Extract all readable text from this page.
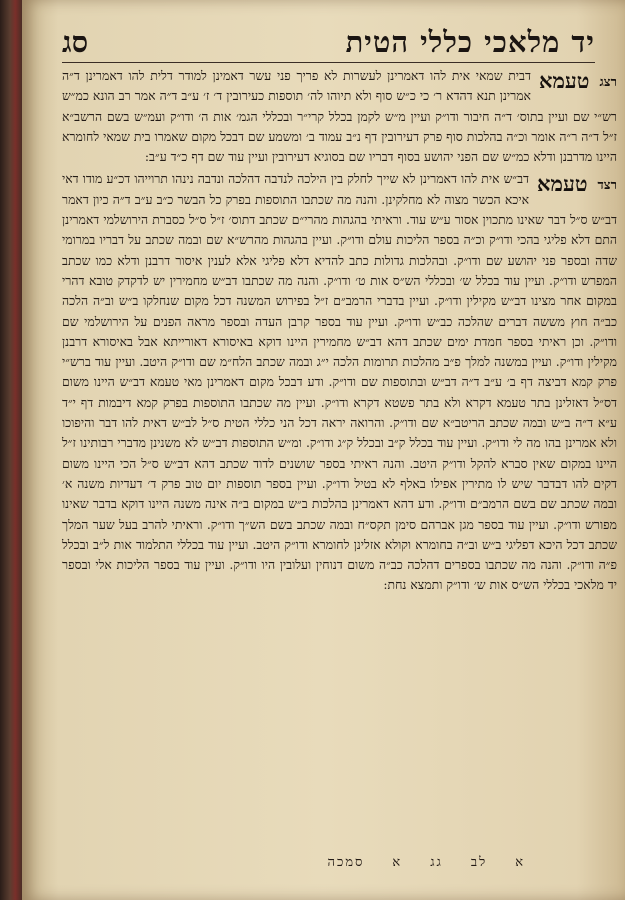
יד מלאכי כללי הטית
סג
רצגטעמא
דבית שמאי אית להו דאמרינן לעשרות לא פריך פני עשר דאמינן למודר דלית להו דאמרינן ד״ה אמרינן תנא דהדא ר׳ כי כ״ש סוף ולא תיוהו לה׳ תוספות כעירובין ד׳ ז׳ ע״ב ד״ה אמר רב הונא כמ״ש רש״י שם ועיין בתוס׳ ד״ה חיבור ודו״ק ועיין מ״ש לקמן בכלל קרי״ר ובכללי הגמ׳ אות ה׳ ודו״ק ועמ״ש בשם הרשב״א ז״ל ד״ה ר״ה אומר וכ״ה בהלכות סוף פרק דעירובין דף נ״ב עמוד ב׳ ומשמע שם דבכל מקום שאמרו בית שמאי לחומרא היינו מדרבנן ודלא כמ״ש שם הפני יהושע בסוף דבריו שם בסוגיא דעירובין ועיין עוד שם דף כ״ד ע״ב:
רצדטעמא
דב״ש אית להו דאמרינן לא שייך לחלק בין הילכה לנדבה דהלכה ונדבה נינהו תרוייהו דכ״ע מודו דאי איכא הכשר מצוה לא מחלקינן. והנה מה שכתבו התוספות בפרק כל הבשר כ״ב ע״ב ד״ה כיון דאמר דב״ש ס״ל דבר שאינו מתכוין אסור ע״ש עוד. וראיתי בהגהות מהרי״ם שכתב דתוס׳ ז״ל ס״ל כסברת הירושלמי דאמרינן התם דלא פליגי בהכי ודו״ק וכ״ה בספר הליכות עולם ודו״ק. ועיין בהגהות מהרש״א שם ובמה שכתב על דבריו במרומי שדה ובספר פני יהושע שם ודו״ק. ובהלכות גדולות כתב להדיא דלא פליגי אלא לענין איסור דרבנן ודלא כמו שכתב המפרש ודו״ק. ועיין עוד בכלל ש׳ ובכללי הש״ס אות ט׳ ודו״ק. והנה מה שכתבו דב״ש מחמירין יש לדקדק טובא דהרי במקום אחר מצינו דב״ש מקילין ודו״ק. ועיין בדברי הרמב״ם ז״ל בפירוש המשנה דכל מקום שנחלקו ב״ש וב״ה הלכה כב״ה חוץ מששה דברים שהלכה כב״ש ודו״ק. ועיין עוד בספר קרבן העדה ובספר מראה הפנים על הירושלמי שם ודו״ק. וכן ראיתי בספר חמדת ימים שכתב דהא דב״ש מחמירין היינו דוקא באיסורא דאורייתא אבל באיסורא דרבנן מקילין ודו״ק. ועיין במשנה למלך פ״ב מהלכות תרומות הלכה י״ג ובמה שכתב הלח״מ שם ודו״ק היטב. ועיין עוד ברש״י פרק קמא דביצה דף ב׳ ע״ב ד״ה דב״ש ובתוספות שם ודו״ק. ודע דבכל מקום דאמרינן מאי טעמא דב״ש היינו משום דס״ל דאזלינן בתר טעמא דקרא ולא בתר פשטא דקרא ודו״ק. ועיין מה שכתבו התוספות בפרק קמא דיבמות דף י״ד ע״א ד״ה ב״ש ובמה שכתב הריטב״א שם ודו״ק. והרואה יראה דכל הני כללי הטית ס״ל לב״ש דאית להו דבר והיפוכו ולא אמרינן בהו מה לי ודו״ק. ועיין עוד בכלל ק״ב ובכלל ק״ג ודו״ק. ומ״ש התוספות דב״ש לא משנינן מדברי רבותינו ז״ל היינו במקום שאין סברא להקל ודו״ק היטב. והנה ראיתי בספר שושנים לדוד שכתב דהא דב״ש ס״ל הכי היינו משום דקים להו דבדבר שיש לו מתירין אפילו באלף לא בטיל ודו״ק. ועיין בספר תוספות יום טוב פרק ד׳ דעדיות משנה א׳ ובמה שכתב שם בשם הרמב״ם ודו״ק. ודע דהא דאמרינן בהלכות ב״ש במקום ב״ה אינה משנה היינו דוקא בדבר שאינו מפורש ודו״ק. ועיין עוד בספר מגן אברהם סימן תקס״ח ובמה שכתב בשם הש״ך ודו״ק. וראיתי להרב בעל שער המלך שכתב דכל היכא דפליגי ב״ש וב״ה בחומרא וקולא אזלינן לחומרא ודו״ק היטב. ועיין עוד בכללי התלמוד אות ל״ב ובכלל פ״ה ודו״ק. והנה מה שכתבו בספרים דהלכה כב״ה משום דנוחין ועלובין היו ודו״ק. ועיין עוד בספר הליכות אלי ובספר יד מלאכי בכללי הש״ס אות ש׳ ודו״ק ותמצא נחת:
א
לב
גג
א
סמכה
